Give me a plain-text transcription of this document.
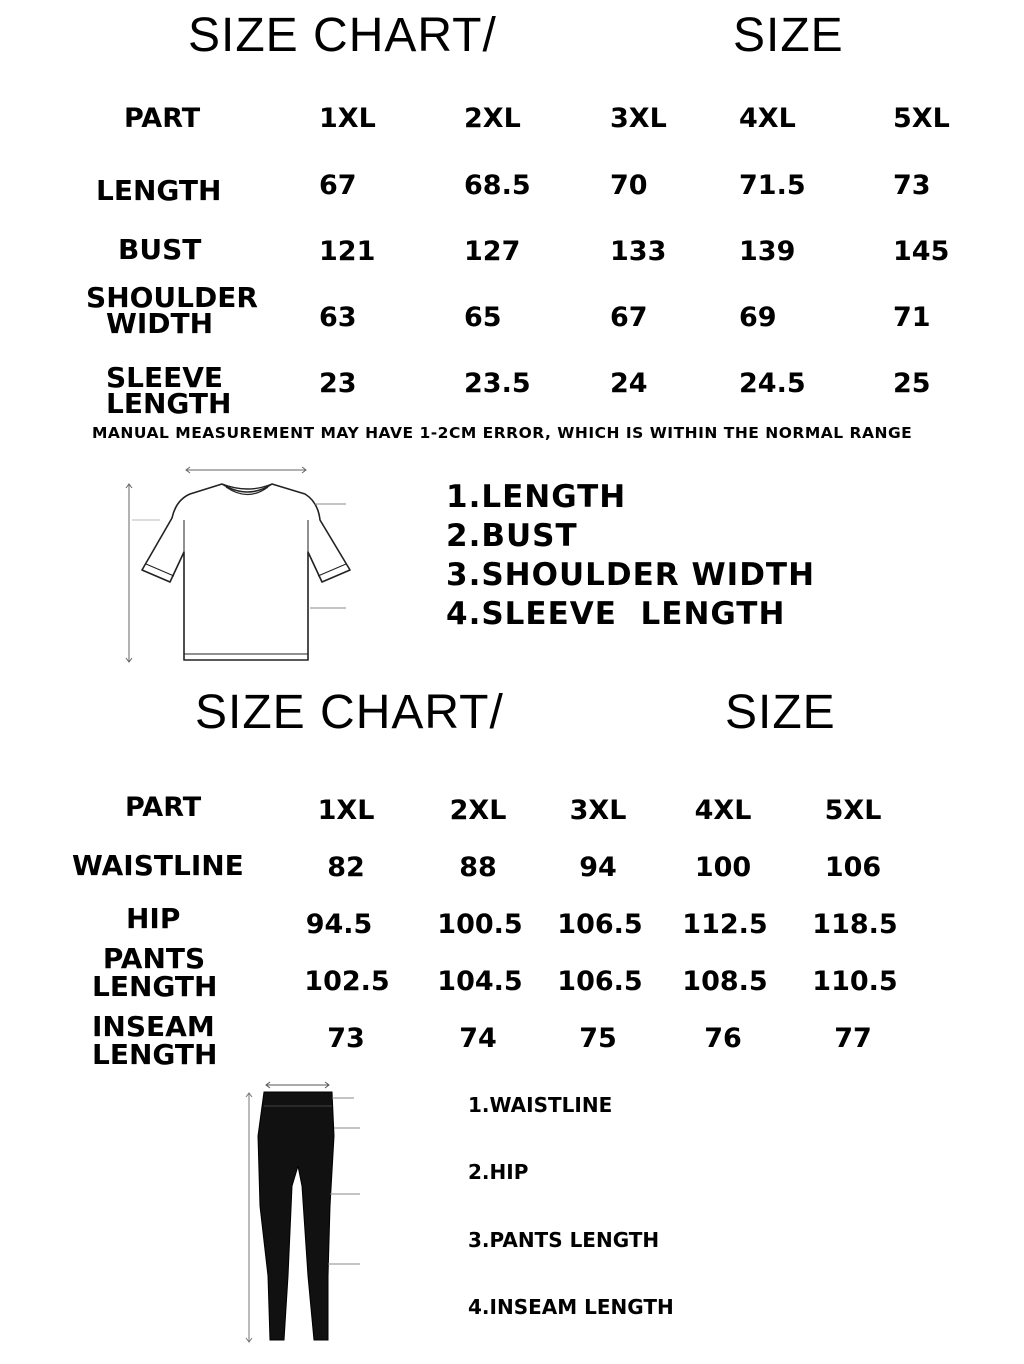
SIZE CHART/	SIZE
PART	1XL	2XL	3XL	4XL	5XL
LENGTH	67	68.5	70	71.5	73
BUST	121	127	133	139	145
SHOULDER
WIDTH	63	65	67	69	71
SLEEVE
LENGTH
23	23.5	24	24.5	25
MANUAL MEASUREMENT MAY HAVE 1-2CM ERROR, WHICH IS WITHIN THE NORMAL RANGE
1.LENGTH
2.BUST
3.SHOULDER WIDTH
4.SLEEVE  LENGTH
SIZE CHART/	SIZE
PART	1XL	2XL	3XL	4XL	5XL
WAISTLINE	82	88	94	100	106
HIP	94.5	100.5	106.5	112.5	118.5
PANTS
LENGTH	102.5	104.5	106.5	108.5	110.5
INSEAM
LENGTH	73	74	75	76	77
1.WAISTLINE
2.HIP
3.PANTS LENGTH
4.INSEAM LENGTH
